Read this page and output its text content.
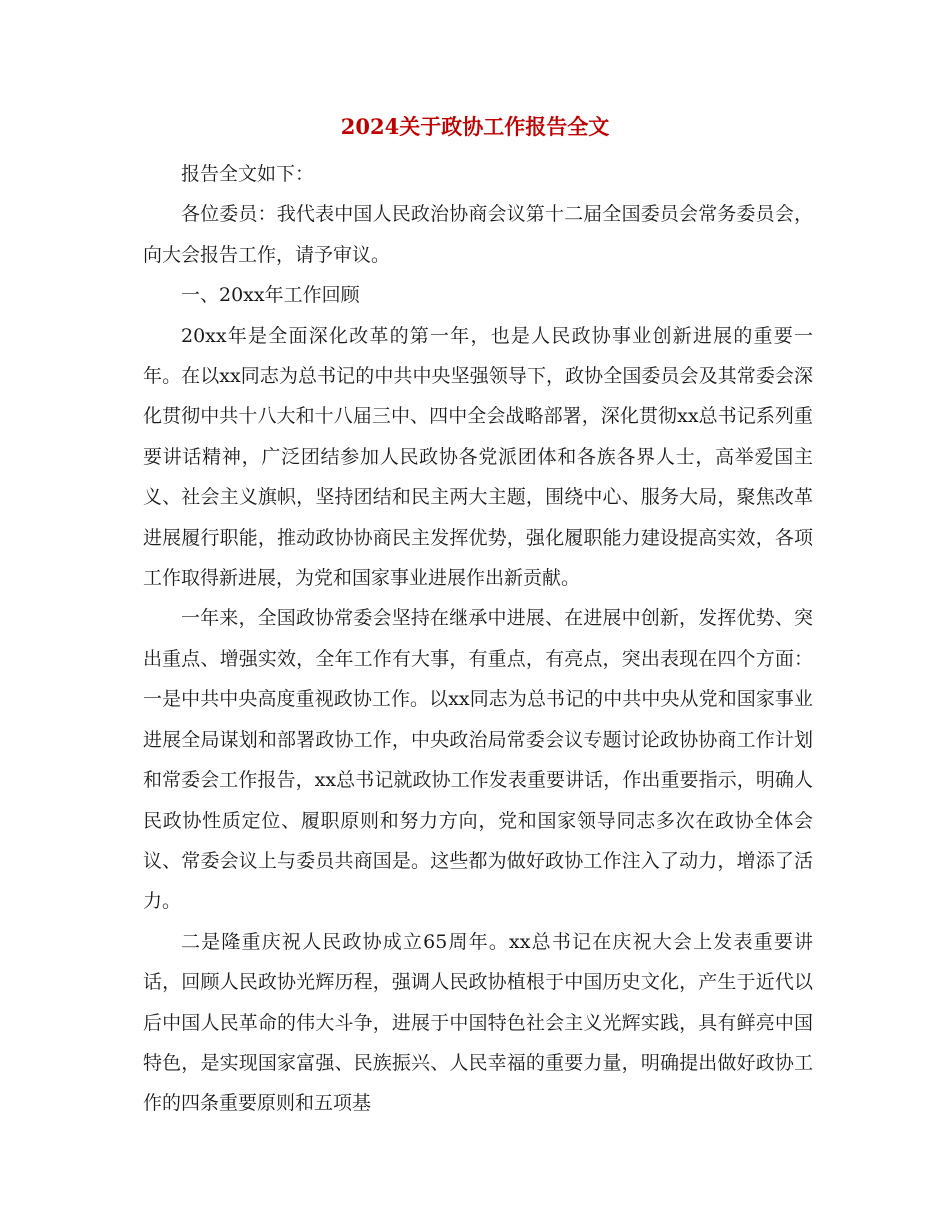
2024关于政协工作报告全文

报告全文如下：

各位委员：我代表中国人民政治协商会议第十二届全国委员会常务委员会，向大会报告工作，请予审议。

一、20xx年工作回顾

20xx年是全面深化改革的第一年，也是人民政协事业创新进展的重要一年。在以xx同志为总书记的中共中央坚强领导下，政协全国委员会及其常委会深化贯彻中共十八大和十八届三中、四中全会战略部署，深化贯彻xx总书记系列重要讲话精神，广泛团结参加人民政协各党派团体和各族各界人士，高举爱国主义、社会主义旗帜，坚持团结和民主两大主题，围绕中心、服务大局，聚焦改革进展履行职能，推动政协协商民主发挥优势，强化履职能力建设提高实效，各项工作取得新进展，为党和国家事业进展作出新贡献。

一年来，全国政协常委会坚持在继承中进展、在进展中创新，发挥优势、突出重点、增强实效，全年工作有大事，有重点，有亮点，突出表现在四个方面：一是中共中央高度重视政协工作。以xx同志为总书记的中共中央从党和国家事业进展全局谋划和部署政协工作，中央政治局常委会议专题讨论政协协商工作计划和常委会工作报告，xx总书记就政协工作发表重要讲话，作出重要指示，明确人民政协性质定位、履职原则和努力方向，党和国家领导同志多次在政协全体会议、常委会议上与委员共商国是。这些都为做好政协工作注入了动力，增添了活力。

二是隆重庆祝人民政协成立65周年。xx总书记在庆祝大会上发表重要讲话，回顾人民政协光辉历程，强调人民政协植根于中国历史文化，产生于近代以后中国人民革命的伟大斗争，进展于中国特色社会主义光辉实践，具有鲜亮中国特色，是实现国家富强、民族振兴、人民幸福的重要力量，明确提出做好政协工作的四条重要原则和五项基
